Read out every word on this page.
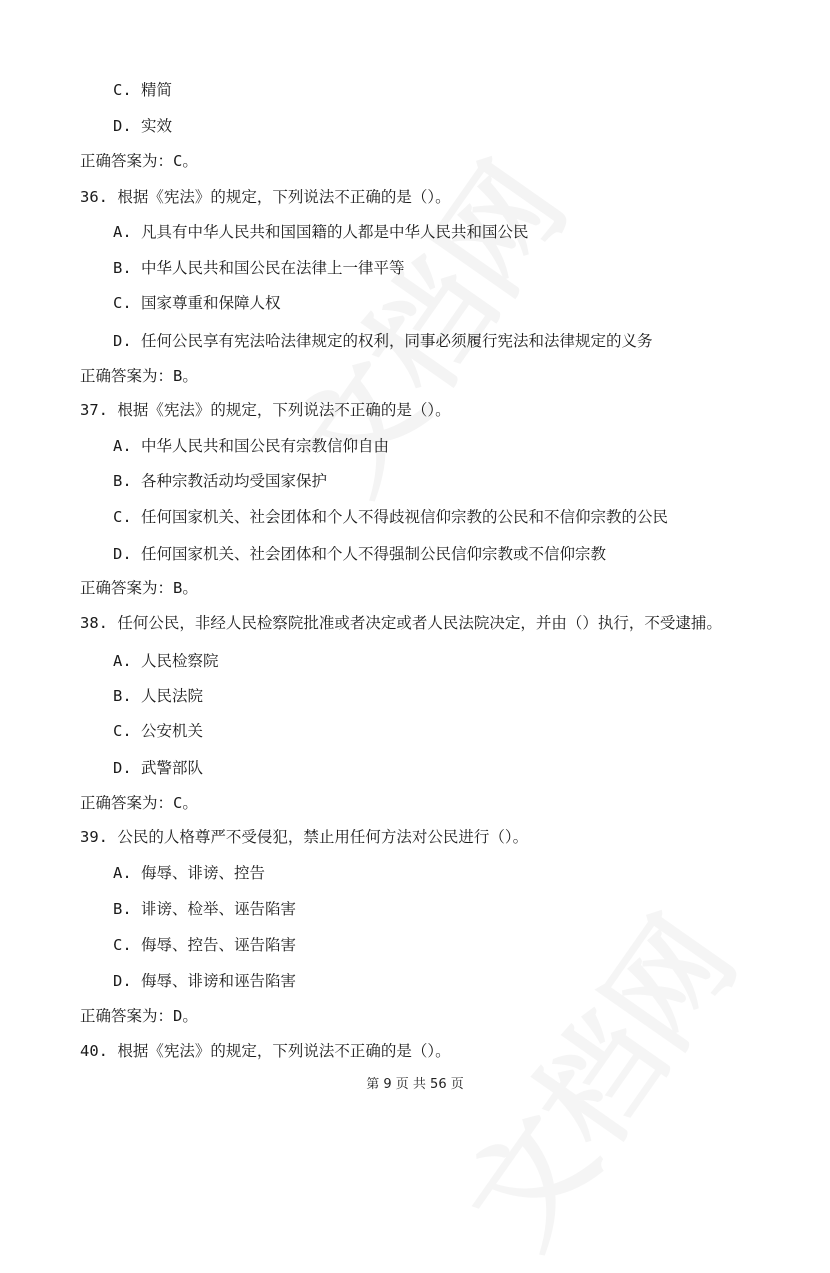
C. 精简
D. 实效
正确答案为：C。
36. 根据《宪法》的规定，下列说法不正确的是（）。
A. 凡具有中华人民共和国国籍的人都是中华人民共和国公民
B. 中华人民共和国公民在法律上一律平等
C. 国家尊重和保障人权
D. 任何公民享有宪法哈法律规定的权利，同事必须履行宪法和法律规定的义务
正确答案为：B。
37. 根据《宪法》的规定，下列说法不正确的是（）。
A. 中华人民共和国公民有宗教信仰自由
B. 各种宗教活动均受国家保护
C. 任何国家机关、社会团体和个人不得歧视信仰宗教的公民和不信仰宗教的公民
D. 任何国家机关、社会团体和个人不得强制公民信仰宗教或不信仰宗教
正确答案为：B。
38. 任何公民，非经人民检察院批准或者决定或者人民法院决定，并由（）执行，不受逮捕。
A. 人民检察院
B. 人民法院
C. 公安机关
D. 武警部队
正确答案为：C。
39. 公民的人格尊严不受侵犯，禁止用任何方法对公民进行（）。
A. 侮辱、诽谤、控告
B. 诽谤、检举、诬告陷害
C. 侮辱、控告、诬告陷害
D. 侮辱、诽谤和诬告陷害
正确答案为：D。
40. 根据《宪法》的规定，下列说法不正确的是（）。
第 9 页 共 56 页
